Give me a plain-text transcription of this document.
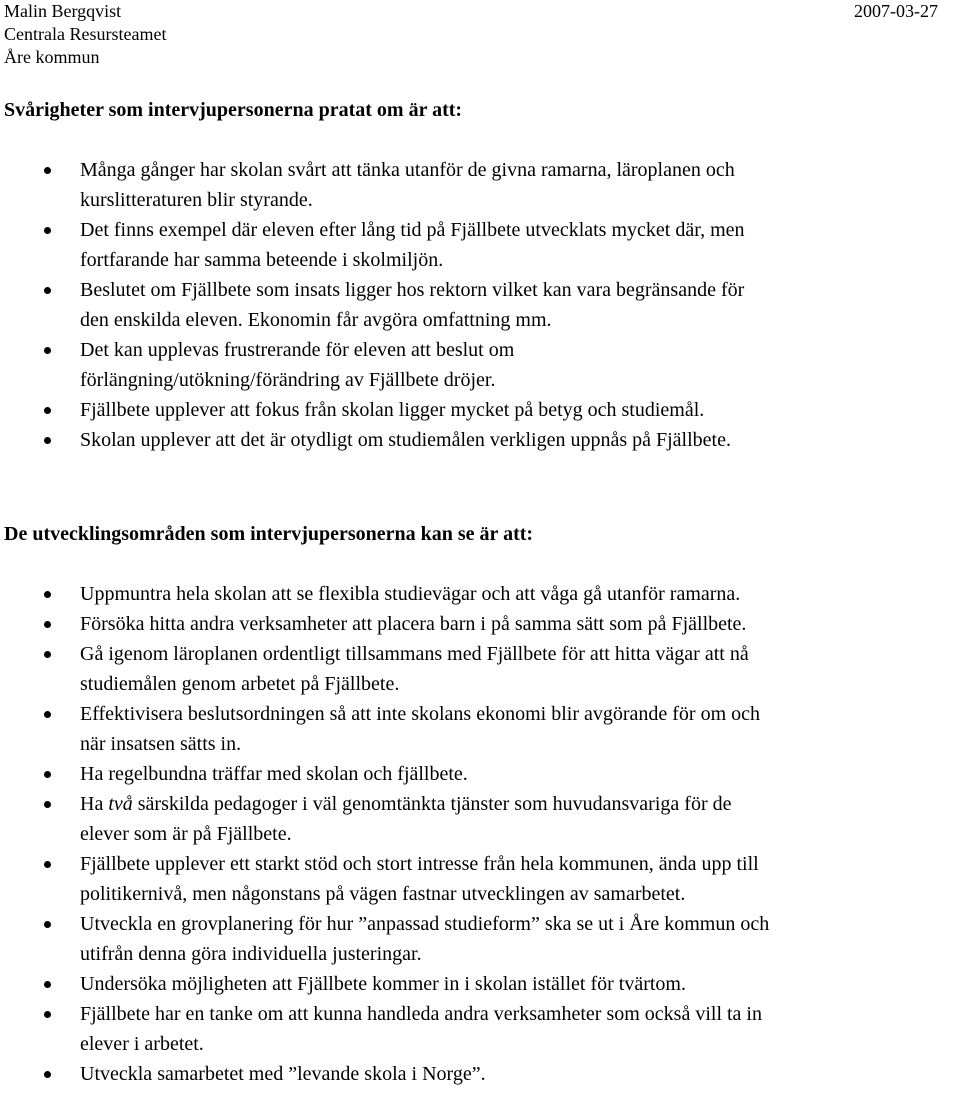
Malin Bergqvist	2007-03-27
Centrala Resursteamet
Åre kommun
Svårigheter som intervjupersonerna pratat om är att:
Många gånger har skolan svårt att tänka utanför de givna ramarna, läroplanen och
kurslitteraturen blir styrande.
Det finns exempel där eleven efter lång tid på Fjällbete utvecklats mycket där, men
fortfarande har samma beteende i skolmiljön.
Beslutet om Fjällbete som insats ligger hos rektorn vilket kan vara begränsande för
den enskilda eleven. Ekonomin får avgöra omfattning mm.
Det kan upplevas frustrerande för eleven att beslut om
förlängning/utökning/förändring av Fjällbete dröjer.
Fjällbete upplever att fokus från skolan ligger mycket på betyg och studiemål.
Skolan upplever att det är otydligt om studiemålen verkligen uppnås på Fjällbete.
De utvecklingsområden som intervjupersonerna kan se är att:
Uppmuntra hela skolan att se flexibla studievägar och att våga gå utanför ramarna.
Försöka hitta andra verksamheter att placera barn i på samma sätt som på Fjällbete.
Gå igenom läroplanen ordentligt tillsammans med Fjällbete för att hitta vägar att nå
studiemålen genom arbetet på Fjällbete.
Effektivisera beslutsordningen så att inte skolans ekonomi blir avgörande för om och
när insatsen sätts in.
Ha regelbundna träffar med skolan och fjällbete.
Ha två särskilda pedagoger i väl genomtänkta tjänster som huvudansvariga för de
elever som är på Fjällbete.
Fjällbete upplever ett starkt stöd och stort intresse från hela kommunen, ända upp till
politikernivå, men någonstans på vägen fastnar utvecklingen av samarbetet.
Utveckla en grovplanering för hur ”anpassad studieform” ska se ut i Åre kommun och
utifrån denna göra individuella justeringar.
Undersöka möjligheten att Fjällbete kommer in i skolan istället för tvärtom.
Fjällbete har en tanke om att kunna handleda andra verksamheter som också vill ta in
elever i arbetet.
Utveckla samarbetet med ”levande skola i Norge”.
